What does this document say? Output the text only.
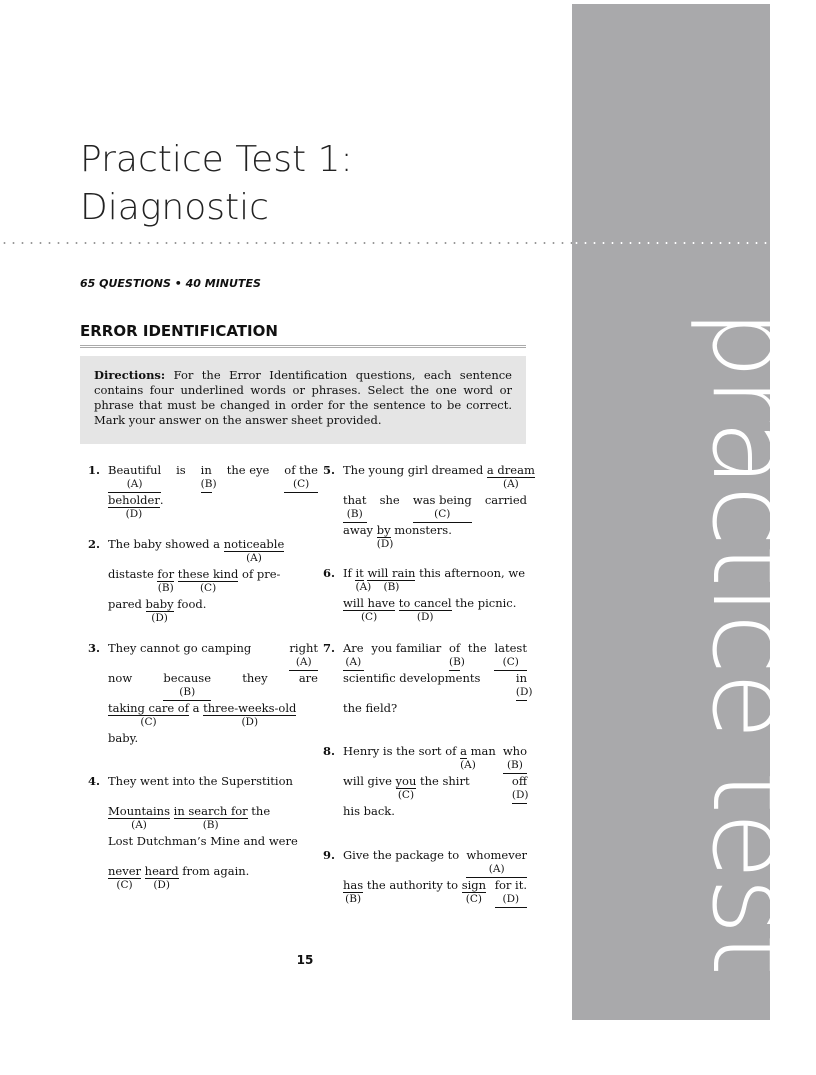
practice test 1
Practice Test 1:
Diagnostic
65 QUESTIONS • 40 MINUTES
ERROR IDENTIFICATION
Directions: For the Error Identification questions, each sentence contains four underlined words or phrases. Select the one word or phrase that must be changed in order for the sentence to be correct. Mark your answer on the answer sheet provided.
1. Beautiful
(A)
is in
(B)
the eye of the
(C)
beholder
(D)
.
2. The baby showed a noticeable
(A)
distaste for
(B)
these kind
(C)
of pre-
pared baby
(D)
food.
3. They cannot go camping	right
(A)
now	because
(B)
they	are
taking care of
(C)
a three-weeks-old
(D)
baby.
4. They went into the Superstition
Mountains
(A)
in search for
(B)
the
Lost Dutchman’s Mine and were
never
(C)
heard
(D)
from again.
5. The young girl dreamed a dream
(A)
that
(B)
she was being
(C)
carried
away by
(D)
monsters.
6. If it
(A)
will rain
(B)
this afternoon, we
will have
(C)
to cancel
(D)
the picnic.
7. Are
(A)
you familiar of
(B)
the latest
(C)
scientific developments	in
(D)
the field?
8. Henry is the sort of a
(A)
man who
(B)
will give you
(C)
the shirt	off
(D)
his back.
9. Give the package to whomever
(A)
has
(B)
the authority to sign
(C)
for it.
(D)
15
